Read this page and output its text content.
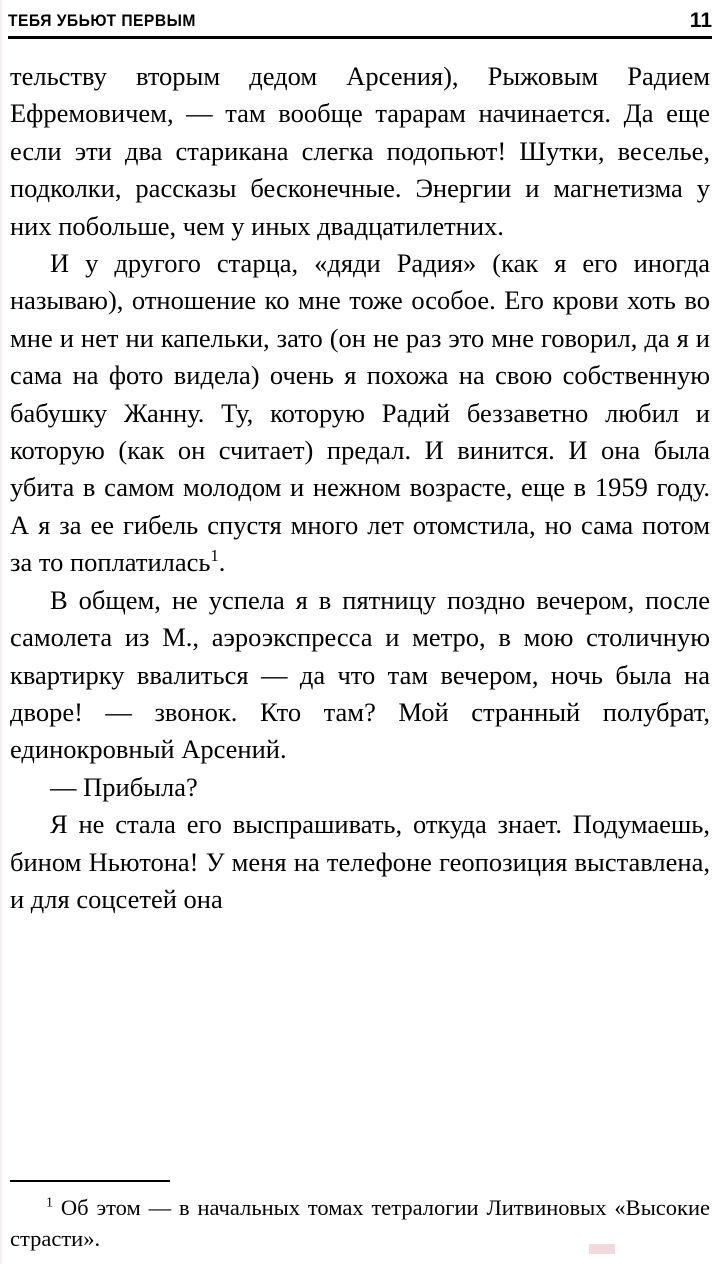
ТЕБЯ УБЬЮТ ПЕРВЫМ	11

тельству вторым дедом Арсения), Рыжовым Радием Ефремовичем, — там вообще тарарам начинается. Да еще если эти два старикана слегка подопьют! Шутки, веселье, подколки, рассказы бесконечные. Энергии и магнетизма у них побольше, чем у иных двадцатилетних.

И у другого старца, «дяди Радия» (как я его иногда называю), отношение ко мне тоже особое. Его крови хоть во мне и нет ни капельки, зато (он не раз это мне говорил, да я и сама на фото видела) очень я похожа на свою собственную бабушку Жанну. Ту, которую Радий беззаветно любил и которую (как он считает) предал. И винится. И она была убита в самом молодом и нежном возрасте, еще в 1959 году. А я за ее гибель спустя много лет отомстила, но сама потом за то поплатилась$^1$.

В общем, не успела я в пятницу поздно вечером, после самолета из М., аэроэкспресса и метро, в мою столичную квартирку ввалиться — да что там вечером, ночь была на дворе! — звонок. Кто там? Мой странный полубрат, единокровный Арсений.

— Прибыла?

Я не стала его выспрашивать, откуда знает. Подумаешь, бином Ньютона! У меня на телефоне геопозиция выставлена, и для соцсетей она

$^1$ Об этом — в начальных томах тетралогии Литвиновых «Высокие страсти».
